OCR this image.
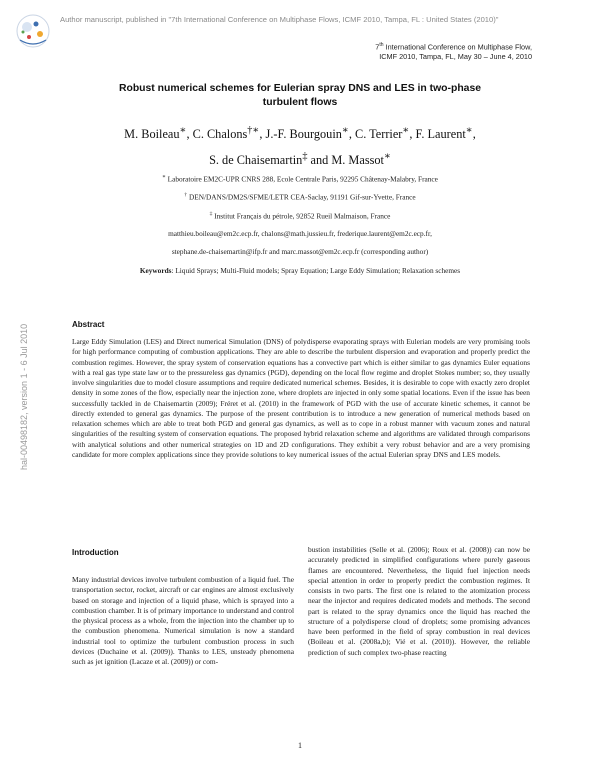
Author manuscript, published in "7th International Conference on Multiphase Flows, ICMF 2010, Tampa, FL : United States (2010)"
hal-00498182, version 1 - 6 Jul 2010
7th International Conference on Multiphase Flow,
ICMF 2010, Tampa, FL, May 30 – June 4, 2010
Robust numerical schemes for Eulerian spray DNS and LES in two-phase
turbulent flows
M. Boileau∗, C. Chalons†∗, J.-F. Bourgouin∗, C. Terrier∗, F. Laurent∗,
S. de Chaisemartin‡ and M. Massot∗
∗ Laboratoire EM2C-UPR CNRS 288, Ecole Centrale Paris, 92295 Châtenay-Malabry, France
† DEN/DANS/DM2S/SFME/LETR CEA-Saclay, 91191 Gif-sur-Yvette, France
‡ Institut Français du pétrole, 92852 Rueil Malmaison, France
matthieu.boileau@em2c.ecp.fr, chalons@math.jussieu.fr, frederique.laurent@em2c.ecp.fr,
stephane.de-chaisemartin@ifp.fr and marc.massot@em2c.ecp.fr (corresponding author)
Keywords: Liquid Sprays; Multi-Fluid models; Spray Equation; Large Eddy Simulation; Relaxation schemes
Abstract
Large Eddy Simulation (LES) and Direct numerical Simulation (DNS) of polydisperse evaporating sprays with Eulerian models are very promising tools for high performance computing of combustion applications. They are able to describe the turbulent dispersion and evaporation and properly predict the combustion regimes. However, the spray system of conservation equations has a convective part which is either similar to gas dynamics Euler equations with a real gas type state law or to the pressureless gas dynamics (PGD), depending on the local flow regime and droplet Stokes number; so, they usually involve singularities due to model closure assumptions and require dedicated numerical schemes. Besides, it is desirable to cope with exactly zero droplet density in some zones of the flow, especially near the injection zone, where droplets are injected in only some spatial locations. Even if the issue has been successfully tackled in de Chaisemartin (2009); Fréret et al. (2010) in the framework of PGD with the use of accurate kinetic schemes, it cannot be directly extended to general gas dynamics. The purpose of the present contribution is to introduce a new generation of numerical methods based on relaxation schemes which are able to treat both PGD and general gas dynamics, as well as to cope in a robust manner with vacuum zones and natural singularities of the resulting system of conservation equations. The proposed hybrid relaxation scheme and algorithms are validated through comparisons with analytical solutions and other numerical strategies on 1D and 2D configurations. They exhibit a very robust behavior and are a very promising candidate for more complex applications since they provide solutions to key numerical issues of the actual Eulerian spray DNS and LES models.
Introduction
Many industrial devices involve turbulent combustion of a liquid fuel. The transportation sector, rocket, aircraft or car engines are almost exclusively based on storage and injection of a liquid phase, which is sprayed into a combustion chamber. It is of primary importance to understand and control the physical process as a whole, from the injection into the chamber up to the combustion phenomena. Numerical simulation is now a standard industrial tool to optimize the turbulent combustion process in such devices (Duchaine et al. (2009)). Thanks to LES, unsteady phenomena such as jet ignition (Lacaze et al. (2009)) or com-
bustion instabilities (Selle et al. (2006); Roux et al. (2008)) can now be accurately predicted in simplified configurations where purely gaseous flames are encountered. Nevertheless, the liquid fuel injection needs special attention in order to properly predict the combustion regimes. It consists in two parts. The first one is related to the atomization process near the injector and requires dedicated models and methods. The second part is related to the spray dynamics once the liquid has reached the structure of a polydisperse cloud of droplets; some promising advances have been performed in the field of spray combustion in real devices (Boileau et al. (2008a,b); Vié et al. (2010)). However, the reliable prediction of such complex two-phase reacting
1
